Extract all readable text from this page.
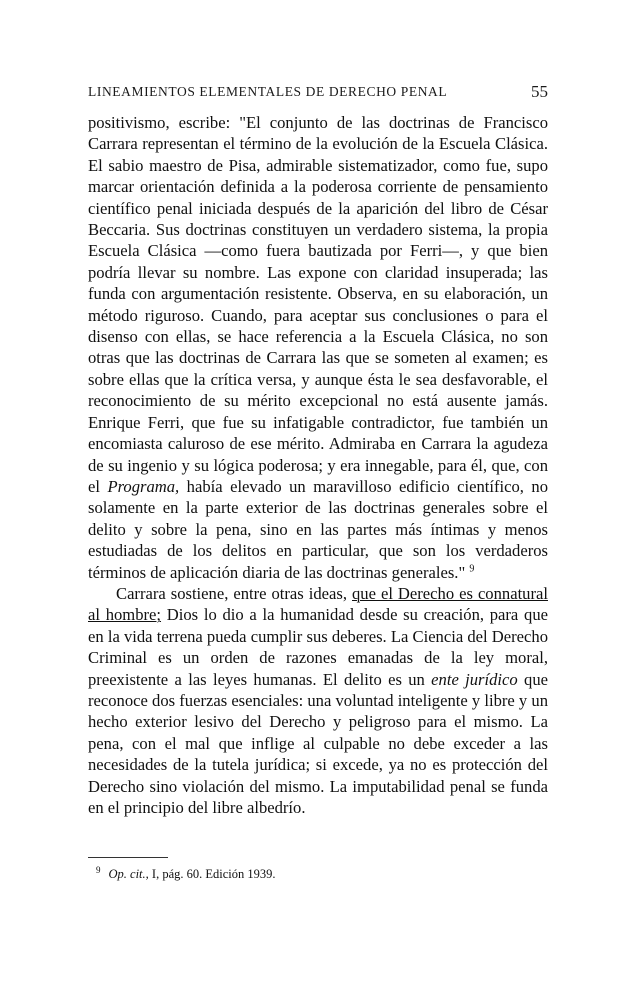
LINEAMIENTOS ELEMENTALES DE DERECHO PENAL	55

positivismo, escribe: "El conjunto de las doctrinas de Francisco Carrara representan el término de la evolución de la Escuela Clásica. El sabio maestro de Pisa, admirable sistematizador, como fue, supo marcar orientación definida a la poderosa corriente de pensamiento científico penal iniciada después de la aparición del libro de César Beccaria. Sus doctrinas constituyen un verdadero sistema, la propia Escuela Clásica —como fuera bautizada por Ferri—, y que bien podría llevar su nombre. Las expone con claridad insuperada; las funda con argumentación resistente. Observa, en su elaboración, un método riguroso. Cuando, para aceptar sus conclusiones o para el disenso con ellas, se hace referencia a la Escuela Clásica, no son otras que las doctrinas de Carrara las que se someten al examen; es sobre ellas que la crítica versa, y aunque ésta le sea desfavorable, el reconocimiento de su mérito excepcional no está ausente jamás. Enrique Ferri, que fue su infatigable contradictor, fue también un encomiasta caluroso de ese mérito. Admiraba en Carrara la agudeza de su ingenio y su lógica poderosa; y era innegable, para él, que, con el Programa, había elevado un maravilloso edificio científico, no solamente en la parte exterior de las doctrinas generales sobre el delito y sobre la pena, sino en las partes más íntimas y menos estudiadas de los delitos en particular, que son los verdaderos términos de aplicación diaria de las doctrinas generales." $^9$

Carrara sostiene, entre otras ideas, que el Derecho es connatural al hombre; Dios lo dio a la humanidad desde su creación, para que en la vida terrena pueda cumplir sus deberes. La Ciencia del Derecho Criminal es un orden de razones emanadas de la ley moral, preexistente a las leyes humanas. El delito es un ente jurídico que reconoce dos fuerzas esenciales: una voluntad inteligente y libre y un hecho exterior lesivo del Derecho y peligroso para el mismo. La pena, con el mal que inflige al culpable no debe exceder a las necesidades de la tutela jurídica; si excede, ya no es protección del Derecho sino violación del mismo. La imputabilidad penal se funda en el principio del libre albedrío.

$^9$ Op. cit., I, pág. 60. Edición 1939.
